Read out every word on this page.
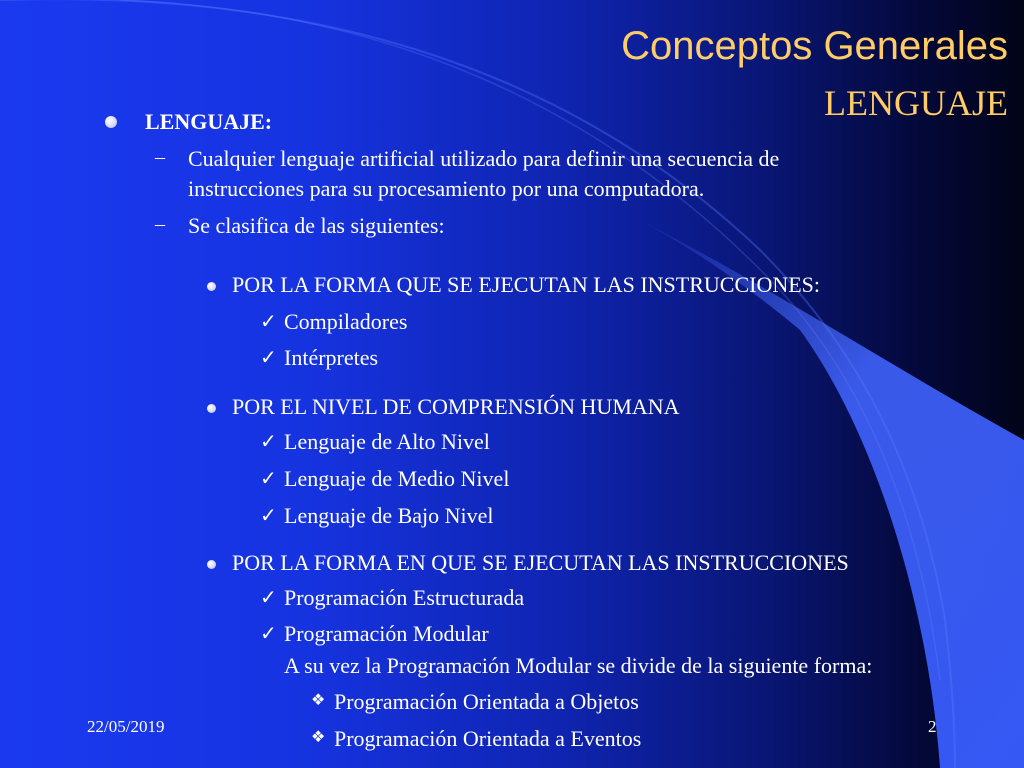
Conceptos Generales
LENGUAJE
LENGUAJE:
– Cualquier lenguaje artificial utilizado para definir una secuencia de
instrucciones para su procesamiento por una computadora.
– Se clasifica de las siguientes:
POR LA FORMA QUE SE EJECUTAN LAS INSTRUCCIONES:
✓ Compiladores
✓ Intérpretes
POR EL NIVEL DE COMPRENSIÓN HUMANA
✓ Lenguaje de Alto Nivel
✓ Lenguaje de Medio Nivel
✓ Lenguaje de Bajo Nivel
POR LA FORMA EN QUE SE EJECUTAN LAS INSTRUCCIONES
✓ Programación Estructurada
✓ Programación Modular
A su vez la Programación Modular se divide de la siguiente forma:
❖ Programación Orientada a Objetos
❖ Programación Orientada a Eventos
22/05/2019	2
